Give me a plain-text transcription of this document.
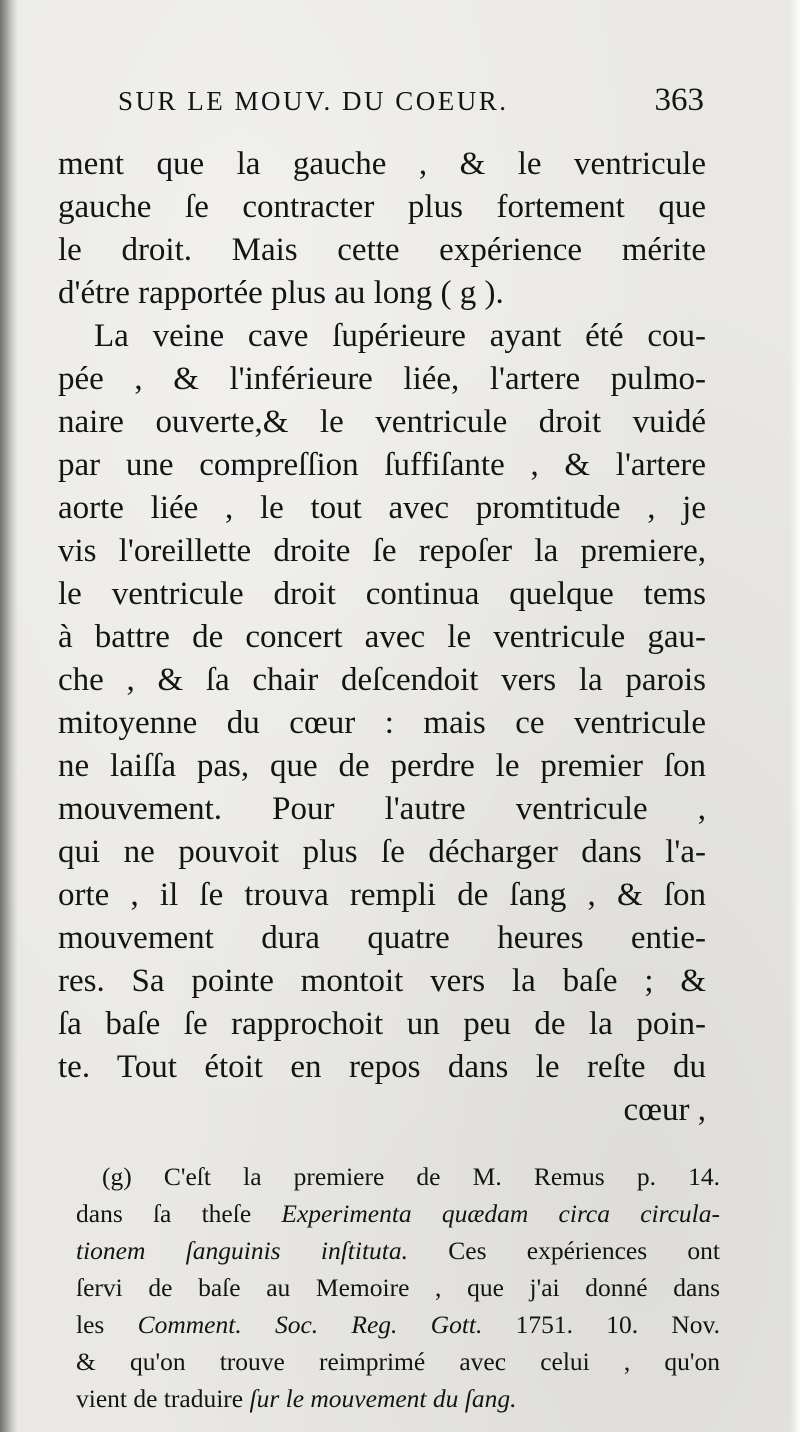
SUR LE MOUV. DU COEUR.	363
ment que la gauche , & le ventricule
gauche ſe contracter plus fortement que
le droit. Mais cette expérience mérite
d'étre rapportée plus au long ( g ).
La veine cave ſupérieure ayant été cou-
pée , & l'inférieure liée, l'artere pulmo-
naire ouverte,& le ventricule droit vuidé
par une compreſſion ſuffiſante , & l'artere
aorte liée , le tout avec promtitude , je
vis l'oreillette droite ſe repoſer la premiere,
le ventricule droit continua quelque tems
à battre de concert avec le ventricule gau-
che , & ſa chair deſcendoit vers la parois
mitoyenne du cœur : mais ce ventricule
ne laiſſa pas, que de perdre le premier ſon
mouvement. Pour l'autre ventricule ,
qui ne pouvoit plus ſe décharger dans l'a-
orte , il ſe trouva rempli de ſang , & ſon
mouvement dura quatre heures entie-
res. Sa pointe montoit vers la baſe ; &
ſa baſe ſe rapprochoit un peu de la poin-
te. Tout étoit en repos dans le reſte du
cœur ,
(g) C'eſt la premiere de M. Remus p. 14.
dans ſa theſe Experimenta quædam circa circula-
tionem ſanguinis inſtituta. Ces expériences ont
ſervi de baſe au Memoire , que j'ai donné dans
les Comment. Soc. Reg. Gott. 1751. 10. Nov.
& qu'on trouve reimprimé avec celui , qu'on
vient de traduire ſur le mouvement du ſang.
